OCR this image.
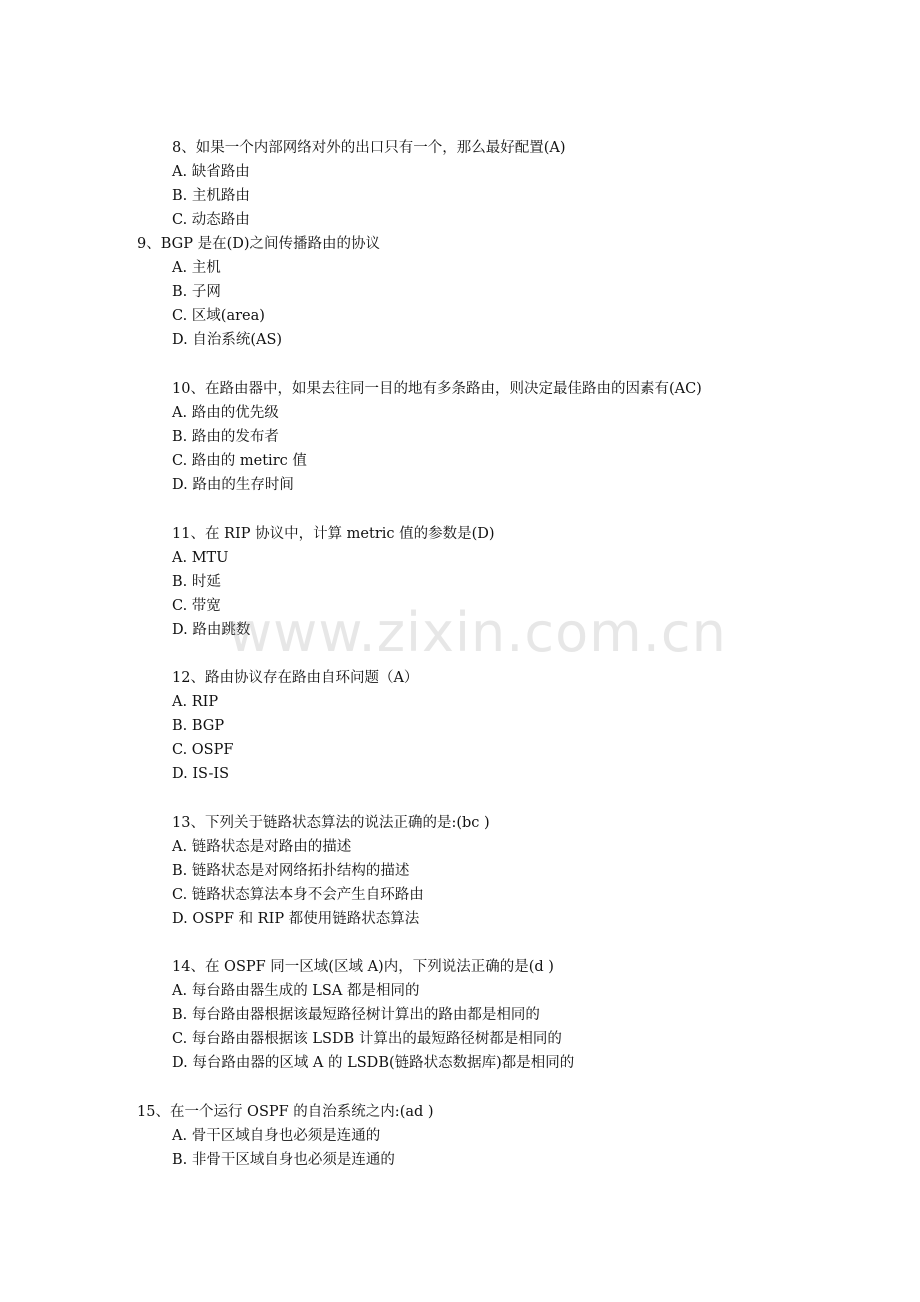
8、如果一个内部网络对外的出口只有一个，那么最好配置(A)
A. 缺省路由
B. 主机路由
C. 动态路由
9、BGP 是在(D)之间传播路由的协议
A. 主机
B. 子网
C. 区域(area)
D. 自治系统(AS)
10、在路由器中，如果去往同一目的地有多条路由，则决定最佳路由的因素有(AC)
A. 路由的优先级
B. 路由的发布者
C. 路由的 metirc 值
D. 路由的生存时间
11、在 RIP 协议中，计算 metric 值的参数是(D)
A. MTU
B. 时延
C. 带宽
D. 路由跳数
12、路由协议存在路由自环问题（A）
A. RIP
B. BGP
C. OSPF
D. IS-IS
13、下列关于链路状态算法的说法正确的是:(bc )
A. 链路状态是对路由的描述
B. 链路状态是对网络拓扑结构的描述
C. 链路状态算法本身不会产生自环路由
D. OSPF 和 RIP 都使用链路状态算法
14、在 OSPF 同一区域(区域 A)内，下列说法正确的是(d )
A. 每台路由器生成的 LSA 都是相同的
B. 每台路由器根据该最短路径树计算出的路由都是相同的
C. 每台路由器根据该 LSDB 计算出的最短路径树都是相同的
D. 每台路由器的区域 A 的 LSDB(链路状态数据库)都是相同的
15、在一个运行 OSPF 的自治系统之内:(ad )
A. 骨干区域自身也必须是连通的
B. 非骨干区域自身也必须是连通的
www.zixin.com.cn
